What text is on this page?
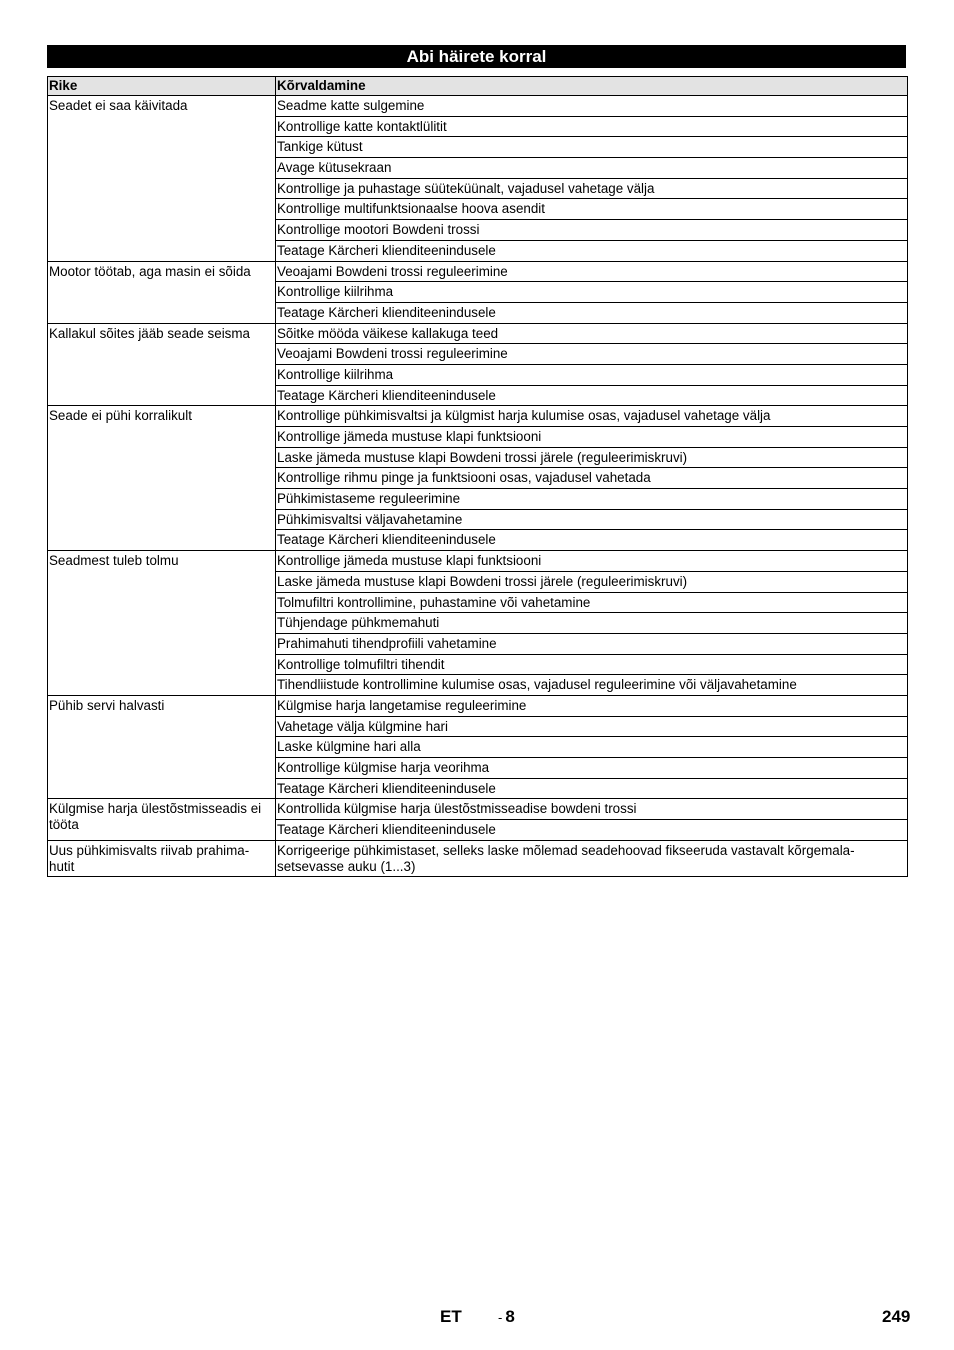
Abi häirete korral
Rike	Kõrvaldamine
Seadet ei saa käivitada	Seadme katte sulgemine
	Kontrollige katte kontaktlülitit
	Tankige kütust
	Avage kütusekraan
	Kontrollige ja puhastage süüteküünalt, vajadusel vahetage välja
	Kontrollige multifunktsionaalse hoova asendit
	Kontrollige mootori Bowdeni trossi
	Teatage Kärcheri klienditeenindusele
Mootor töötab, aga masin ei sõida	Veoajami Bowdeni trossi reguleerimine
	Kontrollige kiilrihma
	Teatage Kärcheri klienditeenindusele
Kallakul sõites jääb seade seisma	Sõitke mööda väikese kallakuga teed
	Veoajami Bowdeni trossi reguleerimine
	Kontrollige kiilrihma
	Teatage Kärcheri klienditeenindusele
Seade ei pühi korralikult	Kontrollige pühkimisvaltsi ja külgmist harja kulumise osas, vajadusel vahetage välja
	Kontrollige jämeda mustuse klapi funktsiooni
	Laske jämeda mustuse klapi Bowdeni trossi järele (reguleerimiskruvi)
	Kontrollige rihmu pinge ja funktsiooni osas, vajadusel vahetada
	Pühkimistaseme reguleerimine
	Pühkimisvaltsi väljavahetamine
	Teatage Kärcheri klienditeenindusele
Seadmest tuleb tolmu	Kontrollige jämeda mustuse klapi funktsiooni
	Laske jämeda mustuse klapi Bowdeni trossi järele (reguleerimiskruvi)
	Tolmufiltri kontrollimine, puhastamine või vahetamine
	Tühjendage pühkmemahuti
	Prahimahuti tihendprofiili vahetamine
	Kontrollige tolmufiltri tihendit
	Tihendliistude kontrollimine kulumise osas, vajadusel reguleerimine või väljavahetamine
Pühib servi halvasti	Külgmise harja langetamise reguleerimine
	Vahetage välja külgmine hari
	Laske külgmine hari alla
	Kontrollige külgmise harja veorihma
	Teatage Kärcheri klienditeenindusele
Külgmise harja ülestõstmisseadis ei tööta	Kontrollida külgmise harja ülestõstmisseadise bowdeni trossi
	Teatage Kärcheri klienditeenindusele
Uus pühkimisvalts riivab prahima-hutit	Korrigeerige pühkimistaset, selleks laske mõlemad seadehoovad fikseeruda vastavalt kõrgemala-setsevasse auku (1...3)
ET	- 8	249
